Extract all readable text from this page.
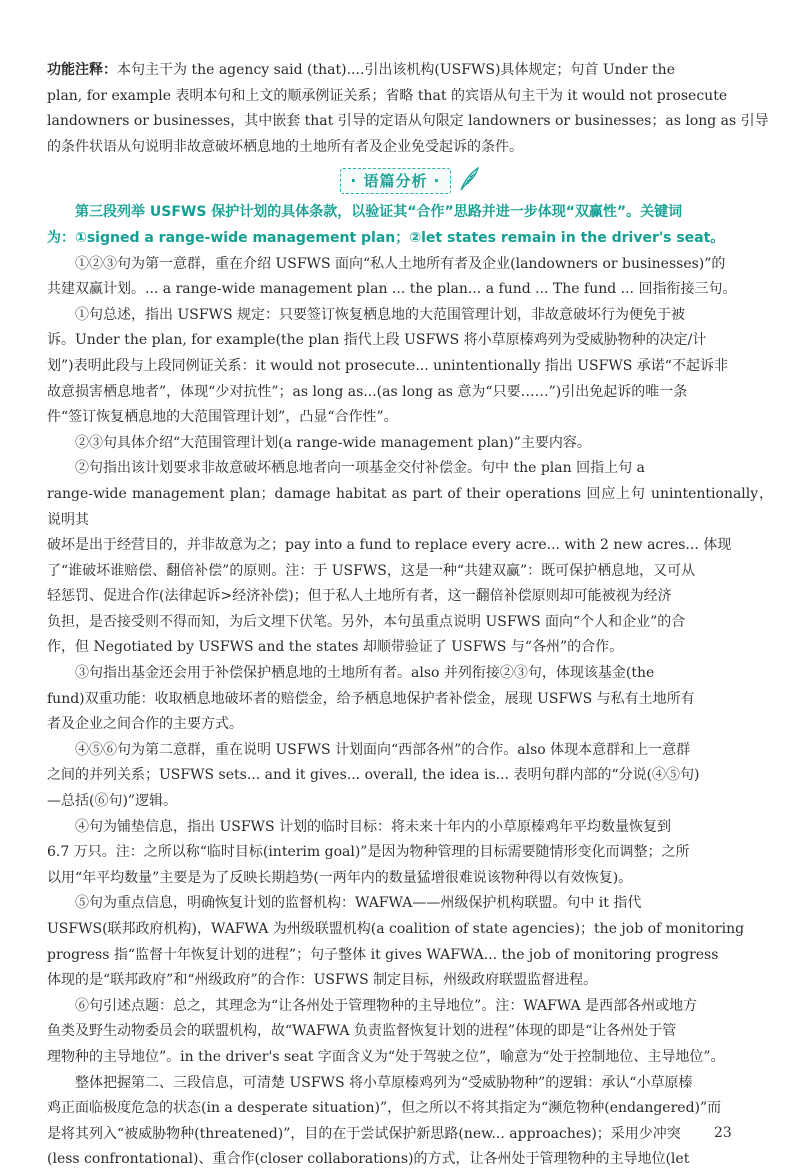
功能注释：本句主干为 the agency said (that)....引出该机构(USFWS)具体规定；句首 Under the
plan, for example 表明本句和上文的顺承例证关系；省略 that 的宾语从句主干为 it would not prosecute
landowners or businesses，其中嵌套 that 引导的定语从句限定 landowners or businesses；as long as 引导
的条件状语从句说明非故意破坏栖息地的土地所有者及企业免受起诉的条件。

· 语篇分析 ·
第三段列举 USFWS 保护计划的具体条款，以验证其“合作”思路并进一步体现“双赢性”。关键词
为：①signed a range-wide management plan；②let states remain in the driver's seat。

①②③句为第一意群，重在介绍 USFWS 面向“私人土地所有者及企业(landowners or businesses)”的
共建双赢计划。... a range-wide management plan ... the plan... a fund ... The fund ... 回指衔接三句。

①句总述，指出 USFWS 规定：只要签订恢复栖息地的大范围管理计划，非故意破坏行为便免于被
诉。Under the plan, for example(the plan 指代上段 USFWS 将小草原榛鸡列为受威胁物种的决定/计
划”)表明此段与上段同例证关系：it would not prosecute... unintentionally 指出 USFWS 承诺“不起诉非
故意损害栖息地者”，体现“少对抗性”；as long as...(as long as 意为“只要……”)引出免起诉的唯一条
件“签订恢复栖息地的大范围管理计划”，凸显“合作性”。

②③句具体介绍“大范围管理计划(a range-wide management plan)”主要内容。

②句指出该计划要求非故意破坏栖息地者向一项基金交付补偿金。句中 the plan 回指上句 a
range-wide management plan；damage habitat as part of their operations 回应上句 unintentionally，说明其
破坏是出于经营目的，并非故意为之；pay into a fund to replace every acre... with 2 new acres... 体现
了“谁破坏谁赔偿、翻倍补偿”的原则。注：于 USFWS，这是一种“共建双赢”：既可保护栖息地，又可从
轻惩罚、促进合作(法律起诉>经济补偿)；但于私人土地所有者，这一翻倍补偿原则却可能被视为经济
负担，是否接受则不得而知，为后文埋下伏笔。另外，本句虽重点说明 USFWS 面向“个人和企业”的合
作，但 Negotiated by USFWS and the states 却顺带验证了 USFWS 与“各州”的合作。

③句指出基金还会用于补偿保护栖息地的土地所有者。also 并列衔接②③句，体现该基金(the
fund)双重功能：收取栖息地破坏者的赔偿金，给予栖息地保护者补偿金，展现 USFWS 与私有土地所有
者及企业之间合作的主要方式。

④⑤⑥句为第二意群，重在说明 USFWS 计划面向“西部各州”的合作。also 体现本意群和上一意群
之间的并列关系；USFWS sets... and it gives... overall, the idea is... 表明句群内部的“分说(④⑤句)
—总括(⑥句)”逻辑。

④句为铺垫信息，指出 USFWS 计划的临时目标：将未来十年内的小草原榛鸡年平均数量恢复到
6.7 万只。注：之所以称“临时目标(interim goal)”是因为物种管理的目标需要随情形变化而调整；之所
以用“年平均数量”主要是为了反映长期趋势(一两年内的数量猛增很难说该物种得以有效恢复)。

⑤句为重点信息，明确恢复计划的监督机构：WAFWA——州级保护机构联盟。句中 it 指代
USFWS(联邦政府机构)，WAFWA 为州级联盟机构(a coalition of state agencies)；the job of monitoring
progress 指“监督十年恢复计划的进程”；句子整体 it gives WAFWA... the job of monitoring progress
体现的是“联邦政府”和“州级政府”的合作：USFWS 制定目标，州级政府联盟监督进程。

⑥句引述点题：总之，其理念为“让各州处于管理物种的主导地位”。注：WAFWA 是西部各州或地方
鱼类及野生动物委员会的联盟机构，故“WAFWA 负责监督恢复计划的进程”体现的即是“让各州处于管
理物种的主导地位”。in the driver's seat 字面含义为“处于驾驶之位”，喻意为“处于控制地位、主导地位”。

整体把握第二、三段信息，可清楚 USFWS 将小草原榛鸡列为“受威胁物种”的逻辑：承认“小草原榛
鸡正面临极度危急的状态(in a desperate situation)”，但之所以不将其指定为“濒危物种(endangered)”而
是将其列入“被威胁物种(threatened)”，目的在于尝试保护新思路(new... approaches)；采用少冲突
(less confrontational)、重合作(closer collaborations)的方式，让各州处于管理物种的主导地位(let

23
